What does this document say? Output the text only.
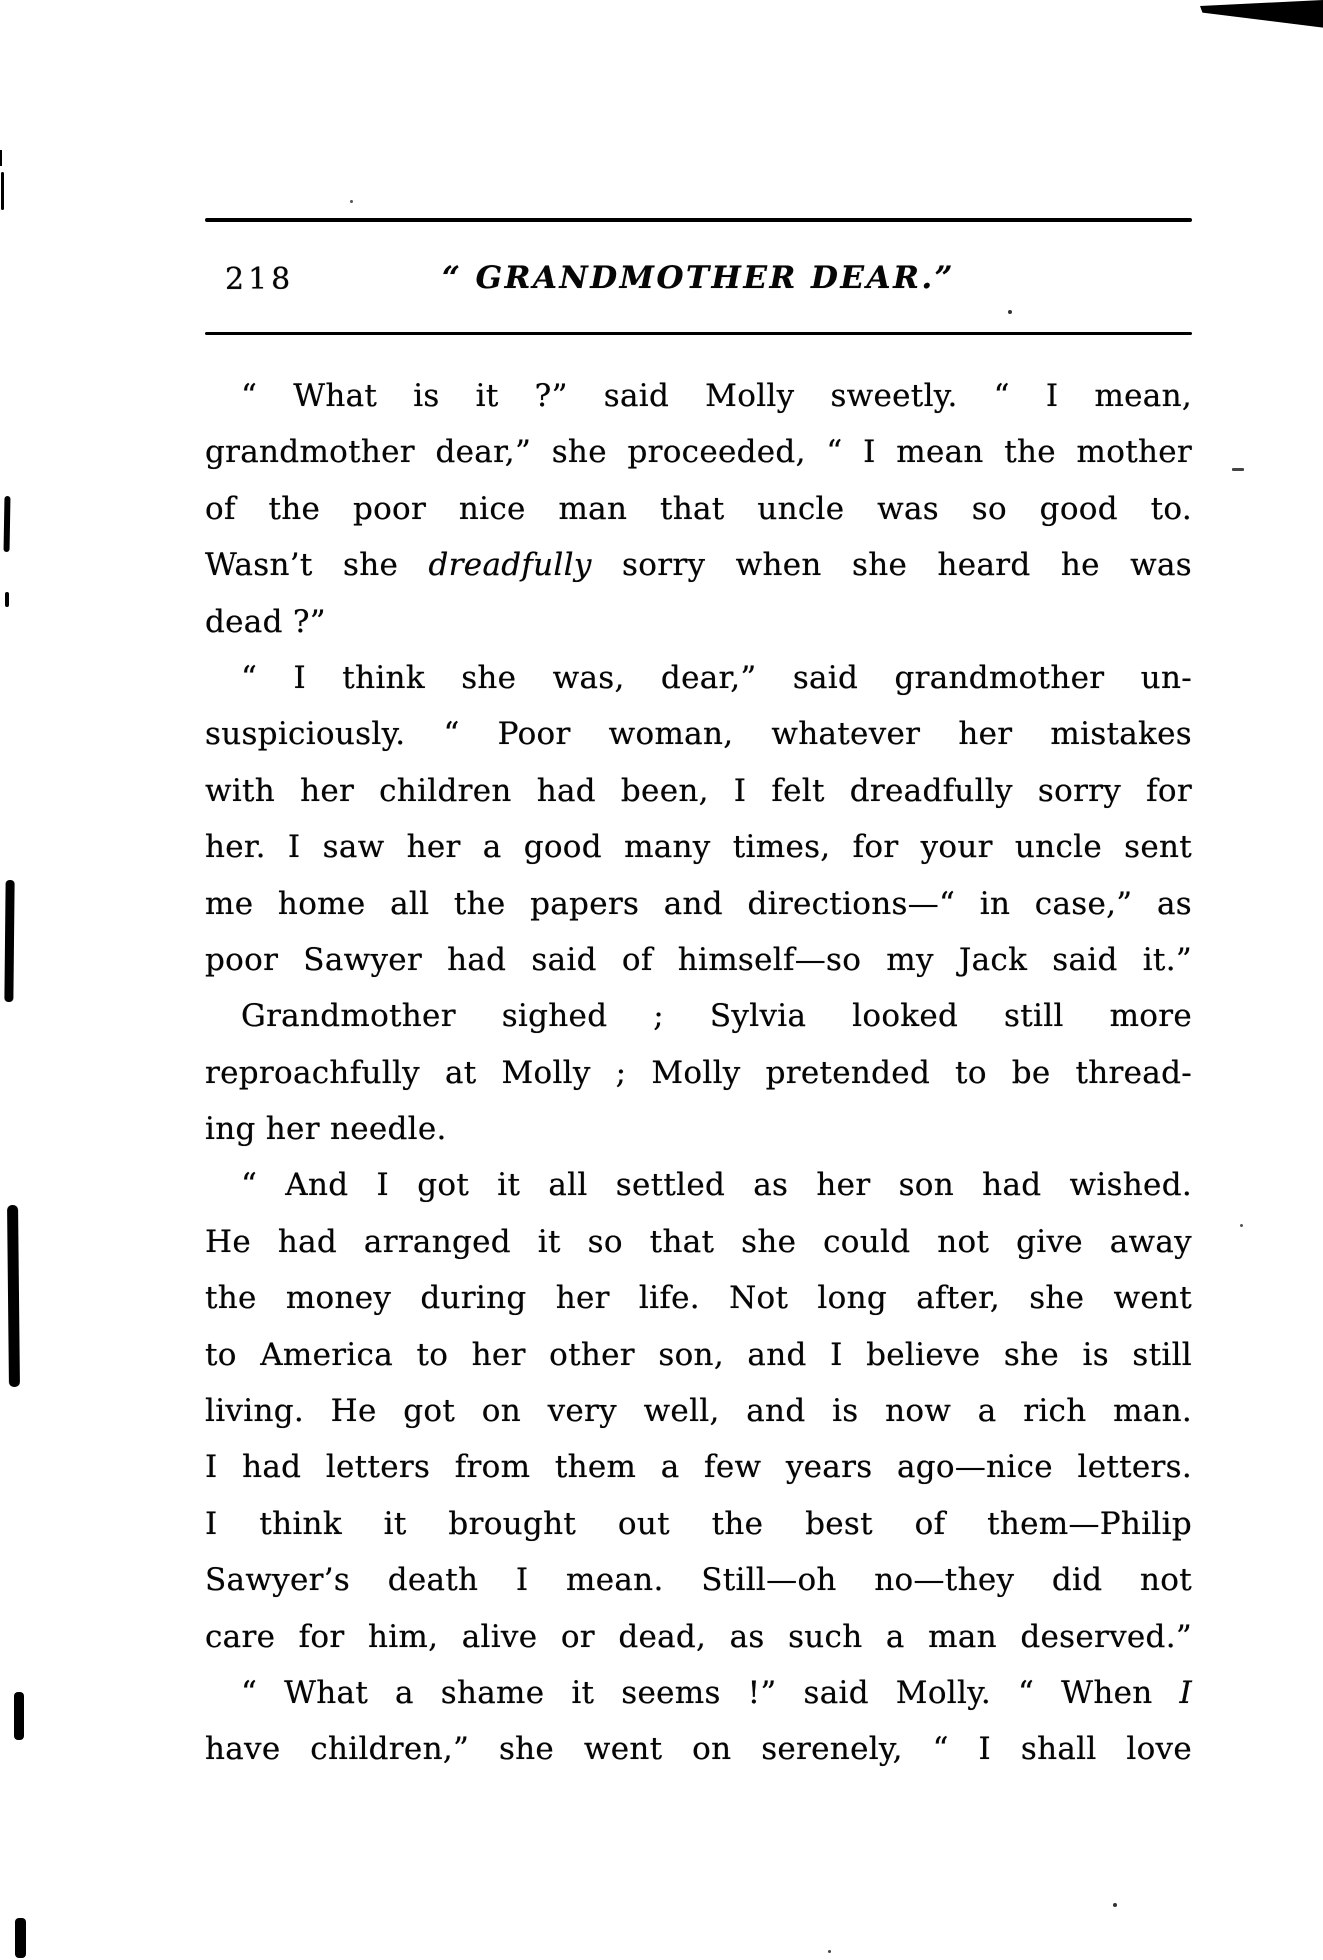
218	“ GRANDMOTHER DEAR.”
“ What is it ?” said Molly sweetly. “ I mean,
grandmother dear,” she proceeded, “ I mean the mother
of the poor nice man that uncle was so good to.
Wasn’t she dreadfully sorry when she heard he was
dead ?”
“ I think she was, dear,” said grandmother un-
suspiciously. “ Poor woman, whatever her mistakes
with her children had been, I felt dreadfully sorry for
her. I saw her a good many times, for your uncle sent
me home all the papers and directions—“ in case,” as
poor Sawyer had said of himself—so my Jack said it.”
Grandmother sighed ; Sylvia looked still more
reproachfully at Molly ; Molly pretended to be thread-
ing her needle.
“ And I got it all settled as her son had wished.
He had arranged it so that she could not give away
the money during her life. Not long after, she went
to America to her other son, and I believe she is still
living. He got on very well, and is now a rich man.
I had letters from them a few years ago—nice letters.
I think it brought out the best of them—Philip
Sawyer’s death I mean. Still—oh no—they did not
care for him, alive or dead, as such a man deserved.”
“ What a shame it seems !” said Molly. “ When I
have children,” she went on serenely, “ I shall love
